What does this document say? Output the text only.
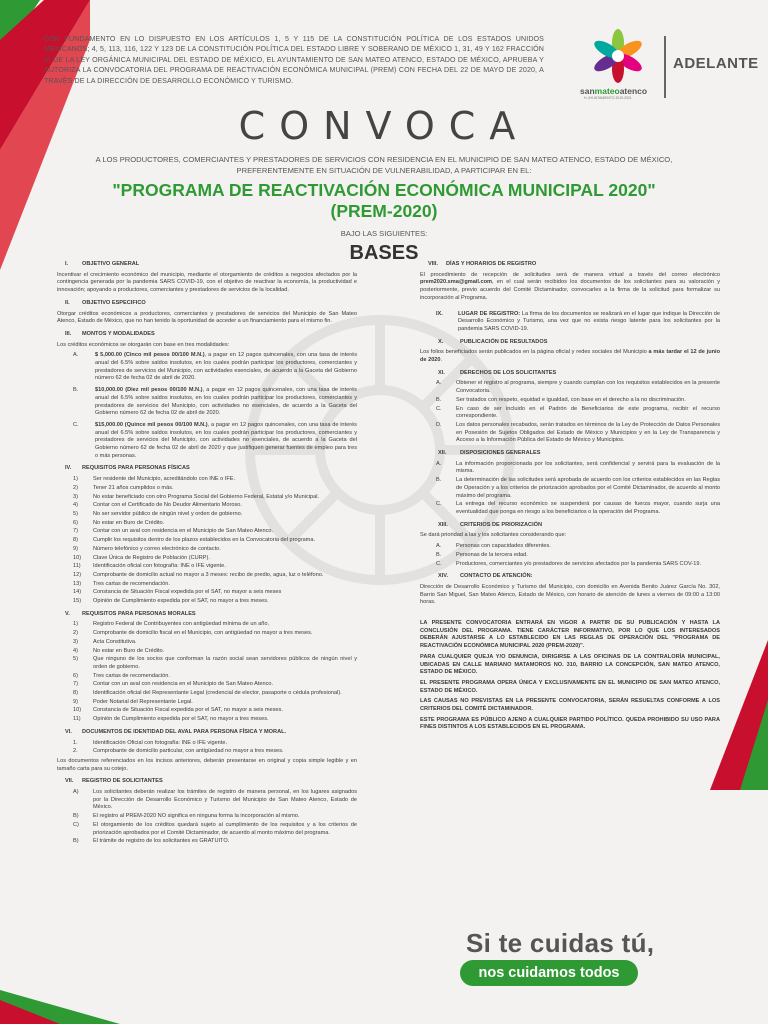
CON FUNDAMENTO EN LO DISPUESTO EN LOS ARTÍCULOS 1, 5 Y 115 DE LA CONSTITUCIÓN POLÍTICA DE LOS ESTADOS UNIDOS MEXICANOS; 4, 5, 113, 116, 122 Y 123 DE LA CONSTITUCIÓN POLÍTICA DEL ESTADO LIBRE Y SOBERANO DE MÉXICO 1, 31, 49 Y 162 FRACCIÓN VI DE LA LEY ORGÁNICA MUNICIPAL DEL ESTADO DE MÉXICO, EL AYUNTAMIENTO DE SAN MATEO ATENCO, ESTADO DE MÉXICO, APRUEBA Y AUTORIZA LA CONVOCATORIA DEL PROGRAMA DE REACTIVACIÓN ECONÓMICA MUNICIPAL (PREM) CON FECHA DEL 22 DE MAYO DE 2020, A TRAVÉS DE LA DIRECCIÓN DE DESARROLLO ECONÓMICO Y TURISMO.
sanmateoatenco
H. AYUNTAMIENTO 2019-2021
ADELANTE
CONVOCA
A LOS PRODUCTORES, COMERCIANTES Y PRESTADORES DE SERVICIOS CON RESIDENCIA EN EL MUNICIPIO DE SAN MATEO ATENCO, ESTADO DE MÉXICO, PREFERENTEMENTE EN SITUACIÓN DE VULNERABILIDAD, A PARTICIPAR EN EL:
"PROGRAMA DE REACTIVACIÓN ECONÓMICA MUNICIPAL 2020"
(PREM-2020)
BAJO LAS SIGUIENTES:
BASES
I.	OBJETIVO GENERAL
Incentivar el crecimiento económico del municipio, mediante el otorgamiento de créditos a negocios afectados por la contingencia generada por la pandemia SARS COVID-19, con el objetivo de reactivar la economía, la productividad e innovación; apoyando a productores, comerciantes y prestadores de servicios de la localidad.
II.	OBJETIVO ESPECIFICO
Otorgar créditos económicos a productores, comerciantes y prestadores de servicios del Municipio de San Mateo Atenco, Estado de México, que no han tenido la oportunidad de acceder a un financiamiento para el mismo fin.
III.	MONTOS Y MODALIDADES
Los créditos económicos se otorgarán con base en tres modalidades:
A.	$ 5,000.00 (Cinco mil pesos 00/100 M.N.), a pagar en 12 pagos quincenales, con una tasa de interés anual del 6.5% sobre saldos insolutos, en los cuales podrán participar los productores, comerciantes y prestadores de servicios del Municipio, con actividades esenciales, de acuerdo a la Gaceta del Gobierno número 62 de fecha 02 de abril de 2020.
B.	$10,000.00 (Diez mil pesos 00/100 M.N.), a pagar en 12 pagos quincenales, con una tasa de interés anual del 6.5% sobre saldos insolutos, en los cuales podrán participar los productores, comerciantes y prestadores de servicios del Municipio, con actividades no esenciales, de acuerdo a la Gaceta del Gobierno número 62 de fecha 02 de abril de 2020.
C.	$15,000.00 (Quince mil pesos 00/100 M.N.), a pagar en 12 pagos quincenales, con una tasa de interés anual del 6.5% sobre saldos insolutos, en los cuales podrán participar los productores, comerciantes y prestadores de servicios del Municipio, con actividades no esenciales, de acuerdo a la Gaceta del Gobierno número 62 de fecha 02 de abril de 2020 y que justifiquen generar fuentes de empleo para tres o más personas.
IV.	REQUISITOS PARA PERSONAS FÍSICAS
1)	Ser residente del Municipio, acreditándolo con INE o IFE.
2)	Tener 21 años cumplidos o más.
3)	No estar beneficiado con otro Programa Social del Gobierno Federal, Estatal y/o Municipal.
4)	Contar con el Certificado de No Deudor Alimentario Moroso.
5)	No ser servidor público de ningún nivel y orden de gobierno.
6)	No estar en Buro de Crédito.
7)	Contar con un aval con residencia en el Municipio de San Mateo Atenco.
8)	Cumplir los requisitos dentro de los plazos establecidos en la Convocatoria del programa.
9)	Número telefónico y correo electrónico de contacto.
10)	Clave Única de Registro de Población (CURP).
11)	Identificación oficial con fotografía: INE o IFE vigente.
12)	Comprobante de domicilio actual no mayor a 3 meses: recibo de predio, agua, luz o teléfono.
13)	Tres cartas de recomendación.
14)	Constancia de Situación Fiscal expedida por el SAT, no mayor a seis meses
15)	Opinión de Cumplimiento expedida por el SAT, no mayor a tres meses.
V.	REQUISITOS PARA PERSONAS MORALES
1)	Registro Federal de Contribuyentes con antigüedad mínima de un año.
2)	Comprobante de domicilio fiscal en el Municipio, con antigüedad no mayor a tres meses.
3)	Acta Constitutiva.
4)	No estar en Buro de Crédito.
5)	Que ninguno de los socios que conforman la razón social sean servidores públicos de ningún nivel y orden de gobierno.
6)	Tres cartas de recomendación.
7)	Contar con un aval con residencia en el Municipio de San Mateo Atenco.
8)	Identificación oficial del Representante Legal (credencial de elector, pasaporte o cédula profesional).
9)	Poder Notarial del Representante Legal.
10)	Constancia de Situación Fiscal expedida por el SAT, no mayor a seis meses.
11)	Opinión de Cumplimiento expedida por el SAT, no mayor a tres meses.
VI.	DOCUMENTOS DE IDENTIDAD DEL AVAL PARA PERSONA FÍSICA Y MORAL.
1.	Identificación Oficial con fotografía: INE o IFE vigente.
2.	Comprobante de domicilio particular, con antigüedad no mayor a tres meses.
Los documentos referenciados en los incisos anteriores, deberán presentarse en original y copia simple legible y en tamaño carta para su cotejo.
VII.	REGISTRO DE SOLICITANTES
A)	Los solicitantes deberán realizar los trámites de registro de manera personal, en los lugares asignados por la Dirección de Desarrollo Económico y Turismo del Municipio de San Mateo Atenco, Estado de México.
B)	El registro al PREM-2020 NO significa en ninguna forma la incorporación al mismo.
C)	El otorgamiento de los créditos quedará sujeto al cumplimiento de los requisitos y a los criterios de priorización aprobados por el Comité Dictaminador, de acuerdo al monto máximo del programa.
B)	El trámite de registro de los solicitantes es GRATUITO.
VIII.	DÍAS Y HORARIOS DE REGISTRO
El procedimiento de recepción de solicitudes será de manera virtual a través del correo electrónico prem2020.sma@gmail.com, en el cual serán recibidos los documentos de los solicitantes para su valoración y posteriormente, previo acuerdo del Comité Dictaminador, convocarles a la firma de la solicitud para formalizar su incorporación al Programa.
IX.	LUGAR DE REGISTRO: La firma de los documentos se realizará en el lugar que indique la Dirección de Desarrollo Económico y Turismo, una vez que no exista riesgo latente para los solicitantes por la pandemia SARS COVID-19.
X.	PUBLICACIÓN DE RESULTADOS
Los folios beneficiados serán publicados en la página oficial y redes sociales del Municipio a más tardar el 12 de junio de 2020.
XI.	DERECHOS DE LOS SOLICITANTES
A.	Obtener el registro al programa, siempre y cuando cumplan con los requisitos establecidos en la presente Convocatoria.
B.	Ser tratados con respeto, equidad e igualdad, con base en el derecho a la no discriminación.
C.	En caso de ser incluido en el Padrón de Beneficiarios de este programa, recibir el recurso correspondiente.
D.	Los datos personales recabados, serán tratados en términos de la Ley de Protección de Datos Personales en Posesión de Sujetos Obligados del Estado de México y Municipios y en la Ley de Transparencia y Acceso a la Información Pública del Estado de México y Municipios.
XII.	DISPOSICIONES GENERALES
A.	La información proporcionada por los solicitantes, será confidencial y servirá para la evaluación de la misma.
B.	La determinación de las solicitudes será aprobada de acuerdo con los criterios establecidos en las Reglas de Operación y a los criterios de priorización aprobados por el Comité Dictaminador, de acuerdo al monto máximo del programa.
C.	La entrega del recurso económico se suspenderá por causas de fuerza mayor, cuando surja una eventualidad que ponga en riesgo a los beneficiarios o la operación del Programa.
XIII.	CRITERIOS DE PRIORIZACIÓN
Se dará prioridad a las y los solicitantes considerando que:
A.	Personas con capacidades diferentes.
B.	Personas de la tercera edad.
C.	Productores, comerciantes y/o prestadores de servicios afectados por la pandemia SARS COV-19.
XIV.	CONTACTO DE ATENCIÓN:
Dirección de Desarrollo Económico y Turismo del Municipio, con domicilio en Avenida Benito Juárez García No. 302, Barrio San Miguel, San Mateo Atenco, Estado de México, con horario de atención de lunes a viernes de 09:00 a 13:00 horas.
LA PRESENTE CONVOCATORIA ENTRARÁ EN VIGOR A PARTIR DE SU PUBLICACIÓN Y HASTA LA CONCLUSIÓN DEL PROGRAMA. TIENE CARÁCTER INFORMATIVO, POR LO QUE LOS INTERESADOS DEBERÁN AJUSTARSE A LO ESTABLECIDO EN LAS REGLAS DE OPERACIÓN DEL "PROGRAMA DE REACTIVACIÓN ECONÓMICA MUNICIPAL 2020 (PREM-2020)".
PARA CUALQUIER QUEJA Y/O DENUNCIA, DIRIGIRSE A LAS OFICINAS DE LA CONTRALORÍA MUNICIPAL, UBICADAS EN CALLE MARIANO MATAMOROS NO. 310, BARRIO LA CONCEPCIÓN, SAN MATEO ATENCO, ESTADO DE MÉXICO.
EL PRESENTE PROGRAMA OPERA ÚNICA Y EXCLUSIVAMENTE EN EL MUNICIPIO DE SAN MATEO ATENCO, ESTADO DE MÉXICO.
LAS CAUSAS NO PREVISTAS EN LA PRESENTE CONVOCATORIA, SERÁN RESUELTAS CONFORME A LOS CRITERIOS DEL COMITÉ DICTAMINADOR.
ESTE PROGRAMA ES PÚBLICO AJENO A CUALQUIER PARTIDO POLÍTICO. QUEDA PROHIBIDO SU USO PARA FINES DISTINTOS A LOS ESTABLECIDOS EN EL PROGRAMA.
Si te cuidas tú,
nos cuidamos todos
